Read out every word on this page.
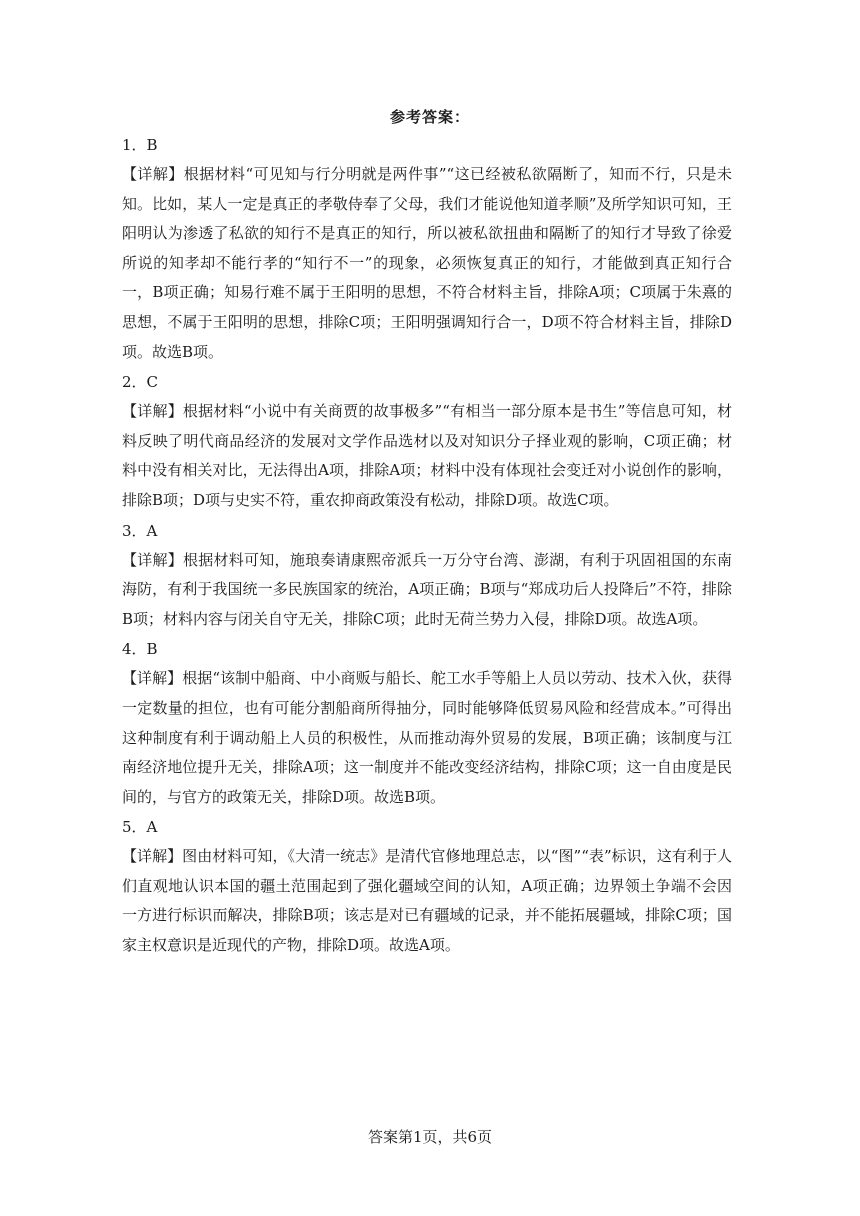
参考答案：

1．B

【详解】根据材料“可见知与行分明就是两件事”“这已经被私欲隔断了，知而不行，只是未知。比如，某人一定是真正的孝敬侍奉了父母，我们才能说他知道孝顺”及所学知识可知，王阳明认为渗透了私欲的知行不是真正的知行，所以被私欲扭曲和隔断了的知行才导致了徐爱所说的知孝却不能行孝的“知行不一”的现象，必须恢复真正的知行，才能做到真正知行合一，B项正确；知易行难不属于王阳明的思想，不符合材料主旨，排除A项；C项属于朱熹的思想，不属于王阳明的思想，排除C项；王阳明强调知行合一，D项不符合材料主旨，排除D项。故选B项。

2．C

【详解】根据材料“小说中有关商贾的故事极多”“有相当一部分原本是书生”等信息可知，材料反映了明代商品经济的发展对文学作品选材以及对知识分子择业观的影响，C项正确；材料中没有相关对比，无法得出A项，排除A项；材料中没有体现社会变迁对小说创作的影响，排除B项；D项与史实不符，重农抑商政策没有松动，排除D项。故选C项。

3．A

【详解】根据材料可知，施琅奏请康熙帝派兵一万分守台湾、澎湖，有利于巩固祖国的东南海防，有利于我国统一多民族国家的统治，A项正确；B项与“郑成功后人投降后”不符，排除B项；材料内容与闭关自守无关，排除C项；此时无荷兰势力入侵，排除D项。故选A项。

4．B

【详解】根据“该制中船商、中小商贩与船长、舵工水手等船上人员以劳动、技术入伙，获得一定数量的担位，也有可能分割船商所得抽分，同时能够降低贸易风险和经营成本。”可得出这种制度有利于调动船上人员的积极性，从而推动海外贸易的发展，B项正确；该制度与江南经济地位提升无关，排除A项；这一制度并不能改变经济结构，排除C项；这一自由度是民间的，与官方的政策无关，排除D项。故选B项。

5．A

【详解】图由材料可知，《大清一统志》是清代官修地理总志，以“图”“表”标识，这有利于人们直观地认识本国的疆土范围起到了强化疆域空间的认知，A项正确；边界领土争端不会因一方进行标识而解决，排除B项；该志是对已有疆域的记录，并不能拓展疆域，排除C项；国家主权意识是近现代的产物，排除D项。故选A项。

答案第1页，共6页
